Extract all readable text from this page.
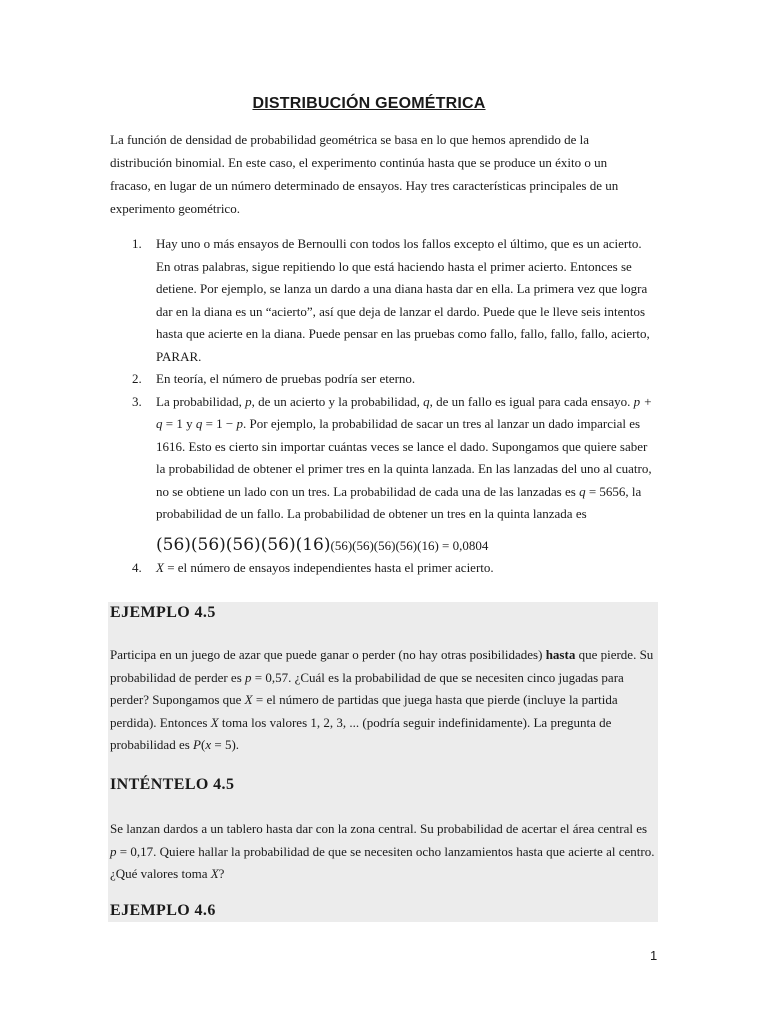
DISTRIBUCIÓN GEOMÉTRICA

La función de densidad de probabilidad geométrica se basa en lo que hemos aprendido de la distribución binomial. En este caso, el experimento continúa hasta que se produce un éxito o un fracaso, en lugar de un número determinado de ensayos. Hay tres características principales de un experimento geométrico.

1. Hay uno o más ensayos de Bernoulli con todos los fallos excepto el último, que es un acierto. En otras palabras, sigue repitiendo lo que está haciendo hasta el primer acierto. Entonces se detiene. Por ejemplo, se lanza un dardo a una diana hasta dar en ella. La primera vez que logra dar en la diana es un “acierto”, así que deja de lanzar el dardo. Puede que le lleve seis intentos hasta que acierte en la diana. Puede pensar en las pruebas como fallo, fallo, fallo, fallo, acierto, PARAR.
2. En teoría, el número de pruebas podría ser eterno.
3. La probabilidad, p, de un acierto y la probabilidad, q, de un fallo es igual para cada ensayo. p + q = 1 y q = 1 − p. Por ejemplo, la probabilidad de sacar un tres al lanzar un dado imparcial es 1616. Esto es cierto sin importar cuántas veces se lance el dado. Supongamos que quiere saber la probabilidad de obtener el primer tres en la quinta lanzada. En las lanzadas del uno al cuatro, no se obtiene un lado con un tres. La probabilidad de cada una de las lanzadas es q = 5656, la probabilidad de un fallo. La probabilidad de obtener un tres en la quinta lanzada es (56)(56)(56)(56)(16)(56)(56)(56)(56)(16) = 0,0804
4. X = el número de ensayos independientes hasta el primer acierto.
EJEMPLO 4.5

Participa en un juego de azar que puede ganar o perder (no hay otras posibilidades) hasta que pierde. Su probabilidad de perder es p = 0,57. ¿Cuál es la probabilidad de que se necesiten cinco jugadas para perder? Supongamos que X = el número de partidas que juega hasta que pierde (incluye la partida perdida). Entonces X toma los valores 1, 2, 3, ... (podría seguir indefinidamente). La pregunta de probabilidad es P(x = 5).

INTÉNTELO 4.5

Se lanzan dardos a un tablero hasta dar con la zona central. Su probabilidad de acertar el área central es p = 0,17. Quiere hallar la probabilidad de que se necesiten ocho lanzamientos hasta que acierte al centro. ¿Qué valores toma X?

EJEMPLO 4.6
1
